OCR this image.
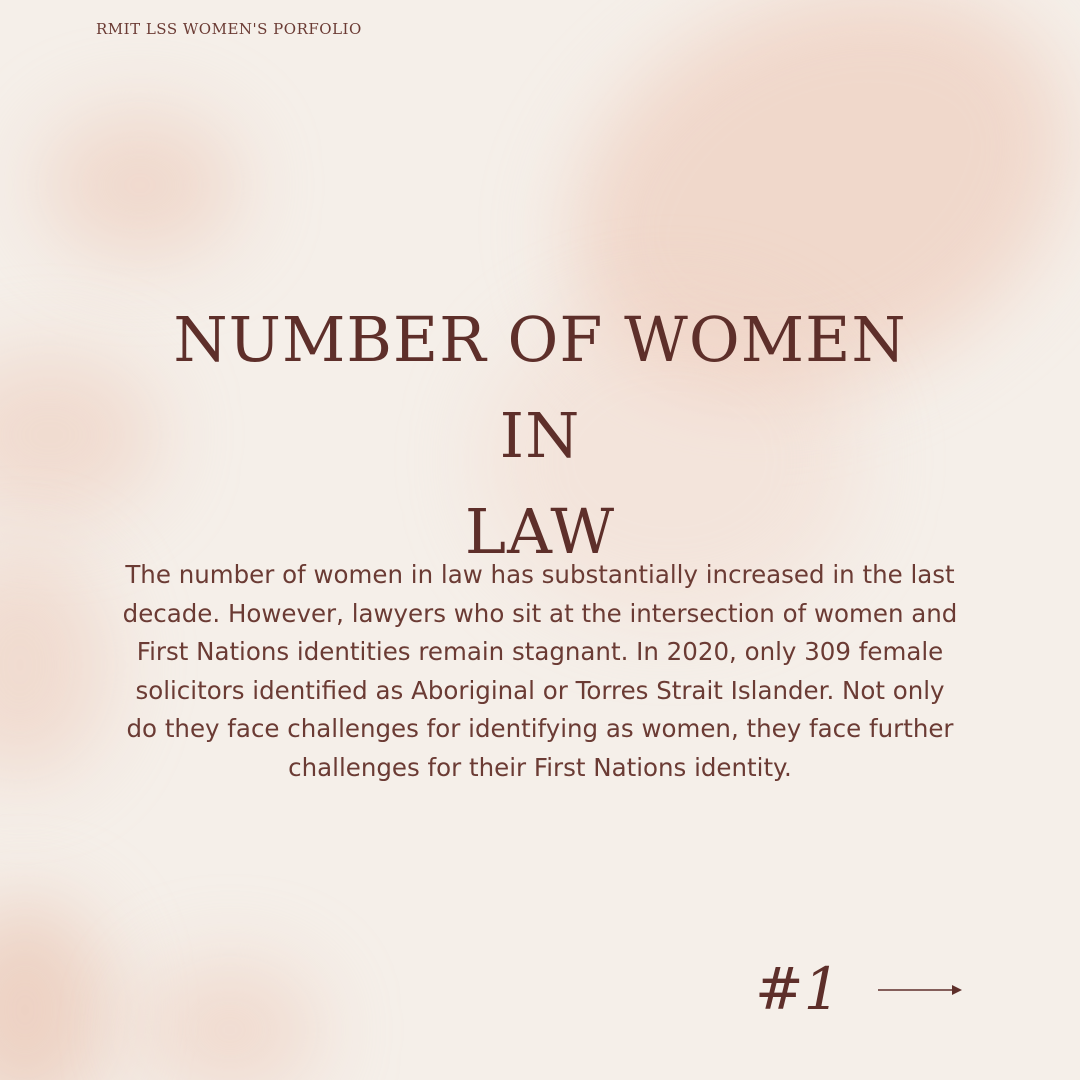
RMIT LSS WOMEN'S PORFOLIO
NUMBER OF WOMEN IN
LAW
The number of women in law has substantially increased in the last
decade. However, lawyers who sit at the intersection of women and
First Nations identities remain stagnant. In 2020, only 309 female
solicitors identified as Aboriginal or Torres Strait Islander. Not only
do they face challenges for identifying as women, they face further
challenges for their First Nations identity.
#1
